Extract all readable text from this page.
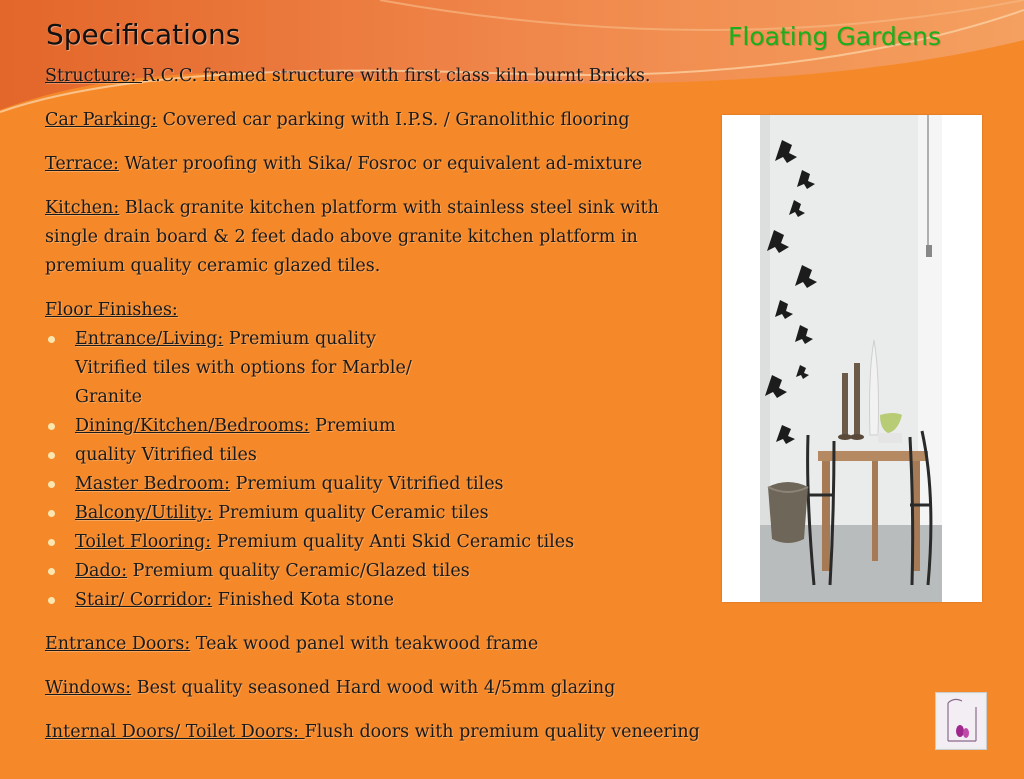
Specifications	Floating Gardens

Structure: R.C.C. framed structure with first class kiln burnt Bricks.

Car Parking: Covered car parking with I.P.S. / Granolithic flooring

Terrace: Water proofing with Sika/ Fosroc or equivalent ad-mixture

Kitchen: Black granite kitchen platform with stainless steel sink with single drain board & 2 feet dado above granite kitchen platform in premium quality ceramic glazed tiles.

Floor Finishes:
Entrance/Living: Premium quality
Vitrified tiles with options for Marble/
Granite
Dining/Kitchen/Bedrooms: Premium
quality Vitrified tiles
Master Bedroom: Premium quality Vitrified tiles
Balcony/Utility: Premium quality Ceramic tiles
Toilet Flooring: Premium quality Anti Skid Ceramic tiles
Dado: Premium quality Ceramic/Glazed tiles
Stair/ Corridor: Finished Kota stone

Entrance Doors: Teak wood panel with teakwood frame

Windows: Best quality seasoned Hard wood with 4/5mm glazing

Internal Doors/ Toilet Doors: Flush doors with premium quality veneering
